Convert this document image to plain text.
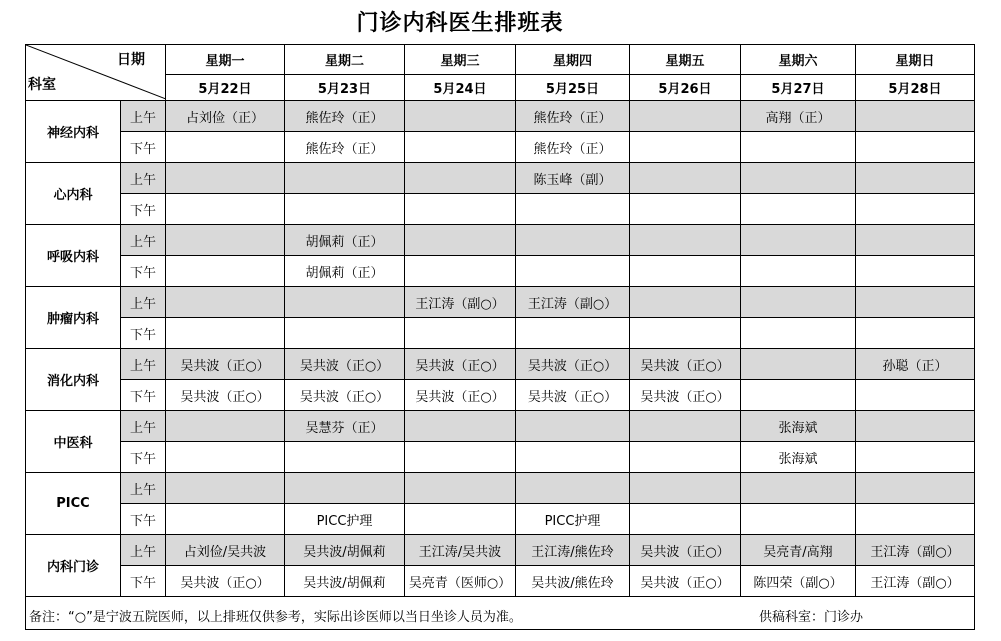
门诊内科医生排班表
日期
科室		星期一	星期二	星期三	星期四	星期五	星期六	星期日
		5月22日	5月23日	5月24日	5月25日	5月26日	5月27日	5月28日
神经内科	上午	占刘俭（正）	熊佐玲（正）		熊佐玲（正）		高翔（正）	
	下午		熊佐玲（正）		熊佐玲（正）			
心内科	上午				陈玉峰（副）			
	下午							
呼吸内科	上午		胡佩莉（正）					
	下午		胡佩莉（正）					
肿瘤内科	上午			王江涛（副○）	王江涛（副○）			
	下午							
消化内科	上午	吴共波（正○）	吴共波（正○）	吴共波（正○）	吴共波（正○）	吴共波（正○）		孙聪（正）
	下午	吴共波（正○）	吴共波（正○）	吴共波（正○）	吴共波（正○）	吴共波（正○）		
中医科	上午		吴慧芬（正）				张海斌	
	下午						张海斌	
PICC	上午							
	下午		PICC护理		PICC护理			
内科门诊	上午	占刘俭/吴共波	吴共波/胡佩莉	王江涛/吴共波	王江涛/熊佐玲	吴共波（正○）	吴亮青/高翔	王江涛（副○）
	下午	吴共波（正○）	吴共波/胡佩莉	吴亮青（医师○）	吴共波/熊佐玲	吴共波（正○）	陈四荣（副○）	王江涛（副○）

备注：“○”是宁波五院医师，以上排班仅供参考，实际出诊医师以当日坐诊人员为准。 供稿科室：门诊办								
